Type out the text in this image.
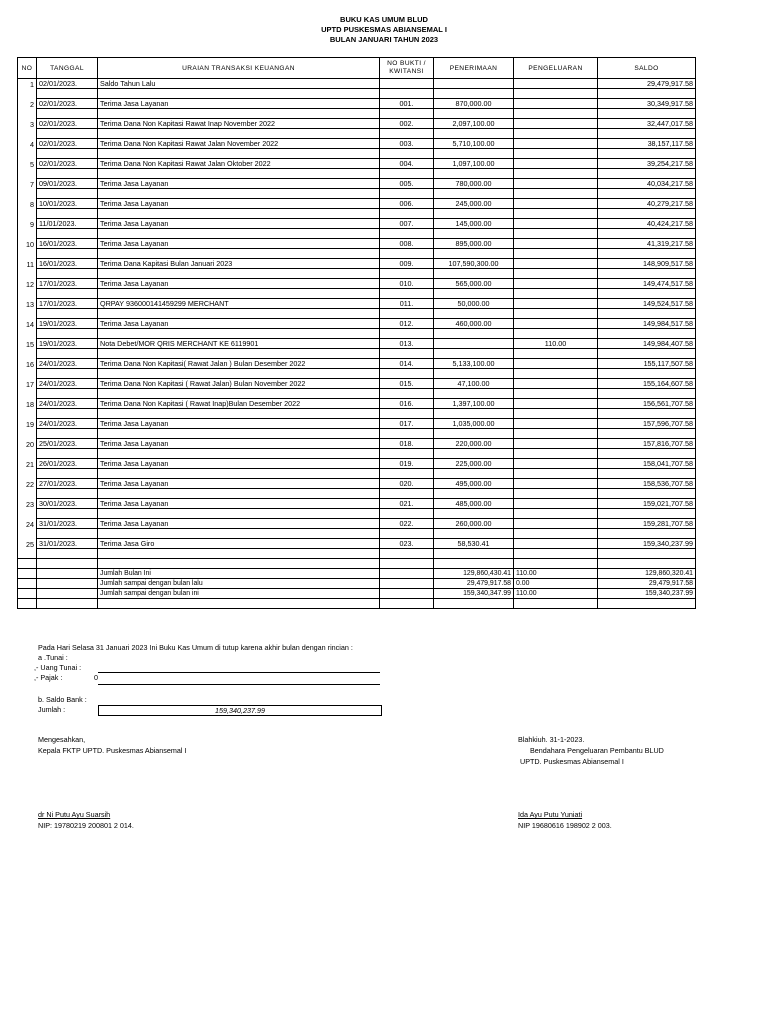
BUKU KAS UMUM BLUD
UPTD PUSKESMAS ABIANSEMAL I
BULAN JANUARI TAHUN 2023
NO	TANGGAL	URAIAN TRANSAKSI KEUANGAN	NO BUKTI /
KWITANSI	PENERIMAAN	PENGELUARAN	SALDO
1	02/01/2023.	Saldo Tahun Lalu				29,479,917.58

2	02/01/2023.	Terima Jasa Layanan	001.	870,000.00		30,349,917.58

3	02/01/2023.	Terima Dana Non Kapitasi Rawat Inap November 2022	002.	2,097,100.00		32,447,017.58

4	02/01/2023.	Terima Dana Non Kapitasi Rawat Jalan November 2022	003.	5,710,100.00		38,157,117.58

5	02/01/2023.	Terima Dana Non Kapitasi Rawat Jalan Oktober 2022	004.	1,097,100.00		39,254,217.58

7	09/01/2023.	Terima Jasa Layanan	005.	780,000.00		40,034,217.58

8	10/01/2023.	Terima Jasa Layanan	006.	245,000.00		40,279,217.58

9	11/01/2023.	Terima Jasa Layanan	007.	145,000.00		40,424,217.58

10	16/01/2023.	Terima Jasa Layanan	008.	895,000.00		41,319,217.58

11	16/01/2023.	Terima Dana Kapitasi Bulan Januari 2023	009.	107,590,300.00		148,909,517.58

12	17/01/2023.	Terima Jasa Layanan	010.	565,000.00		149,474,517.58

13	17/01/2023.	QRPAY 936000141459299 MERCHANT	011.	50,000.00		149,524,517.58

14	19/01/2023.	Terima Jasa Layanan	012.	460,000.00		149,984,517.58

15	19/01/2023.	Nota Debet/MOR QRIS MERCHANT KE 6119901	013.		110.00	149,984,407.58

16	24/01/2023.	Terima Dana Non Kapitasi( Rawat Jalan ) Bulan Desember 2022	014.	5,133,100.00		155,117,507.58

17	24/01/2023.	Terima Dana Non Kapitasi ( Rawat Jalan) Bulan November 2022	015.	47,100.00		155,164,607.58

18	24/01/2023.	Terima Dana Non Kapitasi ( Rawat Inap)Bulan Desember 2022	016.	1,397,100.00		156,561,707.58

19	24/01/2023.	Terima Jasa Layanan	017.	1,035,000.00		157,596,707.58

20	25/01/2023.	Terima Jasa Layanan	018.	220,000.00		157,816,707.58

21	26/01/2023.	Terima Jasa Layanan	019.	225,000.00		158,041,707.58

22	27/01/2023.	Terima Jasa Layanan	020.	495,000.00		158,536,707.58

23	30/01/2023.	Terima Jasa Layanan	021.	485,000.00		159,021,707.58

24	31/01/2023.	Terima Jasa Layanan	022.	260,000.00		159,281,707.58

25	31/01/2023.	Terima Jasa Giro	023.	58,530.41		159,340,237.99

		Jumlah Bulan Ini		129,860,430.41	110.00	129,860,320.41
		Jumlah sampai dengan bulan lalu		29,479,917.58	0.00	29,479,917.58
		Jumlah sampai dengan bulan ini		159,340,347.99	110.00	159,340,237.99

Pada Hari Selasa 31 Januari 2023 Ini Buku Kas Umum di tutup karena akhir bulan dengan rincian :
a .Tunai :
,- Uang Tunai :
,- Pajak :	0
b. Saldo Bank :
Jumlah :	159,340,237.99
Mengesahkan,
Kepala FKTP UPTD. Puskesmas Abiansemal I
dr Ni Putu Ayu Suarsih
NIP: 19780219 200801 2 014.
Blahkiuh. 31-1-2023.
Bendahara Pengeluaran Pembantu BLUD
UPTD. Puskesmas Abiansemal I
Ida Ayu Putu Yuniati
NIP 19680616 198902 2 003.
